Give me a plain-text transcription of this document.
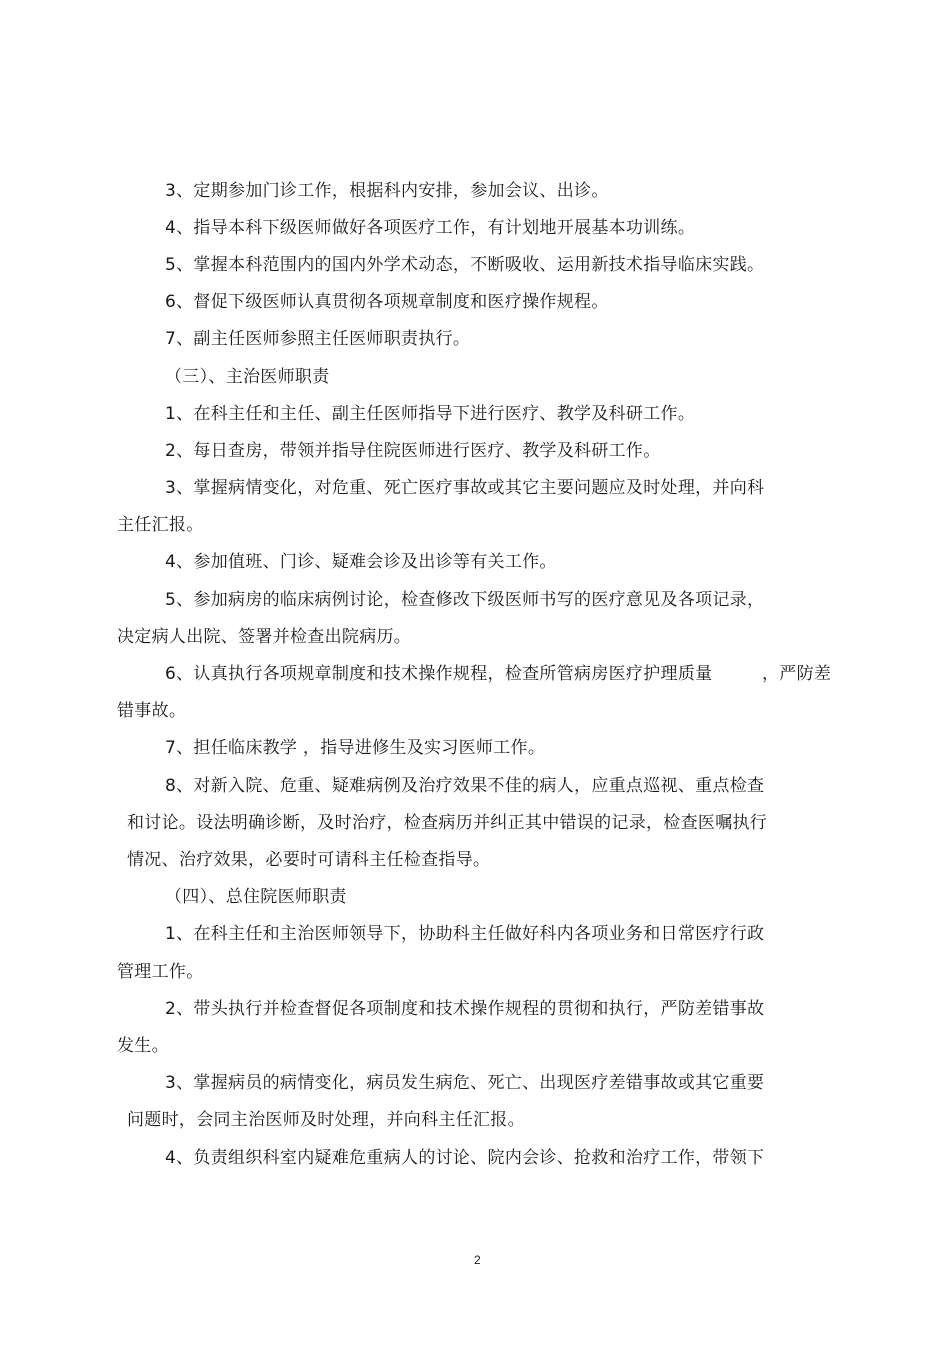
3、定期参加门诊工作，根据科内安排，参加会议、出诊。
4、指导本科下级医师做好各项医疗工作，有计划地开展基本功训练。
5、掌握本科范围内的国内外学术动态，不断吸收、运用新技术指导临床实践。
6、督促下级医师认真贯彻各项规章制度和医疗操作规程。
7、副主任医师参照主任医师职责执行。
（三）、主治医师职责
1、在科主任和主任、副主任医师指导下进行医疗、教学及科研工作。
2、每日查房，带领并指导住院医师进行医疗、教学及科研工作。
3、掌握病情变化，对危重、死亡医疗事故或其它主要问题应及时处理，并向科
主任汇报。
4、参加值班、门诊、疑难会诊及出诊等有关工作。
5、参加病房的临床病例讨论，检查修改下级医师书写的医疗意见及各项记录，
决定病人出院、签署并检查出院病历。
6、认真执行各项规章制度和技术操作规程，检查所管病房医疗护理质量	，严防差
错事故。
7、担任临床教学 ，指导进修生及实习医师工作。
8、对新入院、危重、疑难病例及治疗效果不佳的病人，应重点巡视、重点检查
和讨论。设法明确诊断，及时治疗，检查病历并纠正其中错误的记录，检查医嘱执行
情况、治疗效果，必要时可请科主任检查指导。
（四）、总住院医师职责
1、在科主任和主治医师领导下，协助科主任做好科内各项业务和日常医疗行政
管理工作。
2、带头执行并检查督促各项制度和技术操作规程的贯彻和执行，严防差错事故
发生。
3、掌握病员的病情变化，病员发生病危、死亡、出现医疗差错事故或其它重要
问题时，会同主治医师及时处理，并向科主任汇报。
4、负责组织科室内疑难危重病人的讨论、院内会诊、抢救和治疗工作，带领下
2
